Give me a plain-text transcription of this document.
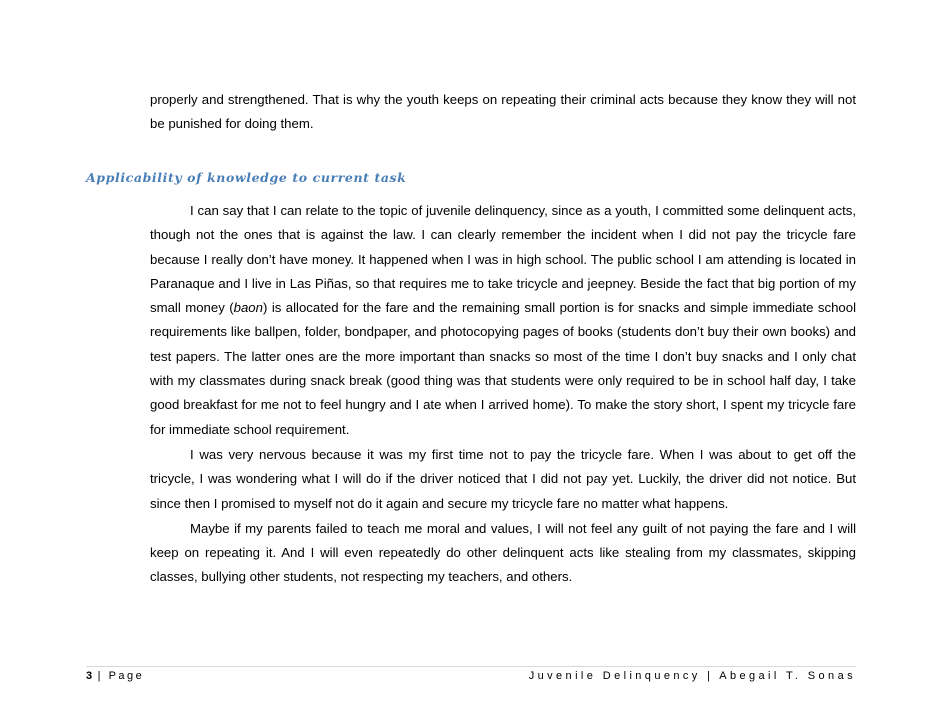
properly and strengthened. That is why the youth keeps on repeating their criminal acts because they know they will not be punished for doing them.

Applicability of knowledge to current task

I can say that I can relate to the topic of juvenile delinquency, since as a youth, I committed some delinquent acts, though not the ones that is against the law. I can clearly remember the incident when I did not pay the tricycle fare because I really don’t have money. It happened when I was in high school. The public school I am attending is located in Paranaque and I live in Las Piñas, so that requires me to take tricycle and jeepney. Beside the fact that big portion of my small money (baon) is allocated for the fare and the remaining small portion is for snacks and simple immediate school requirements like ballpen, folder, bondpaper, and photocopying pages of books (students don’t buy their own books) and test papers. The latter ones are the more important than snacks so most of the time I don’t buy snacks and I only chat with my classmates during snack break (good thing was that students were only required to be in school half day, I take good breakfast for me not to feel hungry and I ate when I arrived home). To make the story short, I spent my tricycle fare for immediate school requirement.

I was very nervous because it was my first time not to pay the tricycle fare. When I was about to get off the tricycle, I was wondering what I will do if the driver noticed that I did not pay yet. Luckily, the driver did not notice. But since then I promised to myself not do it again and secure my tricycle fare no matter what happens.

Maybe if my parents failed to teach me moral and values, I will not feel any guilt of not paying the fare and I will keep on repeating it. And I will even repeatedly do other delinquent acts like stealing from my classmates, skipping classes, bullying other students, not respecting my teachers, and others.

3 | Page	Juvenile Delinquency | Abegail T. Sonas
